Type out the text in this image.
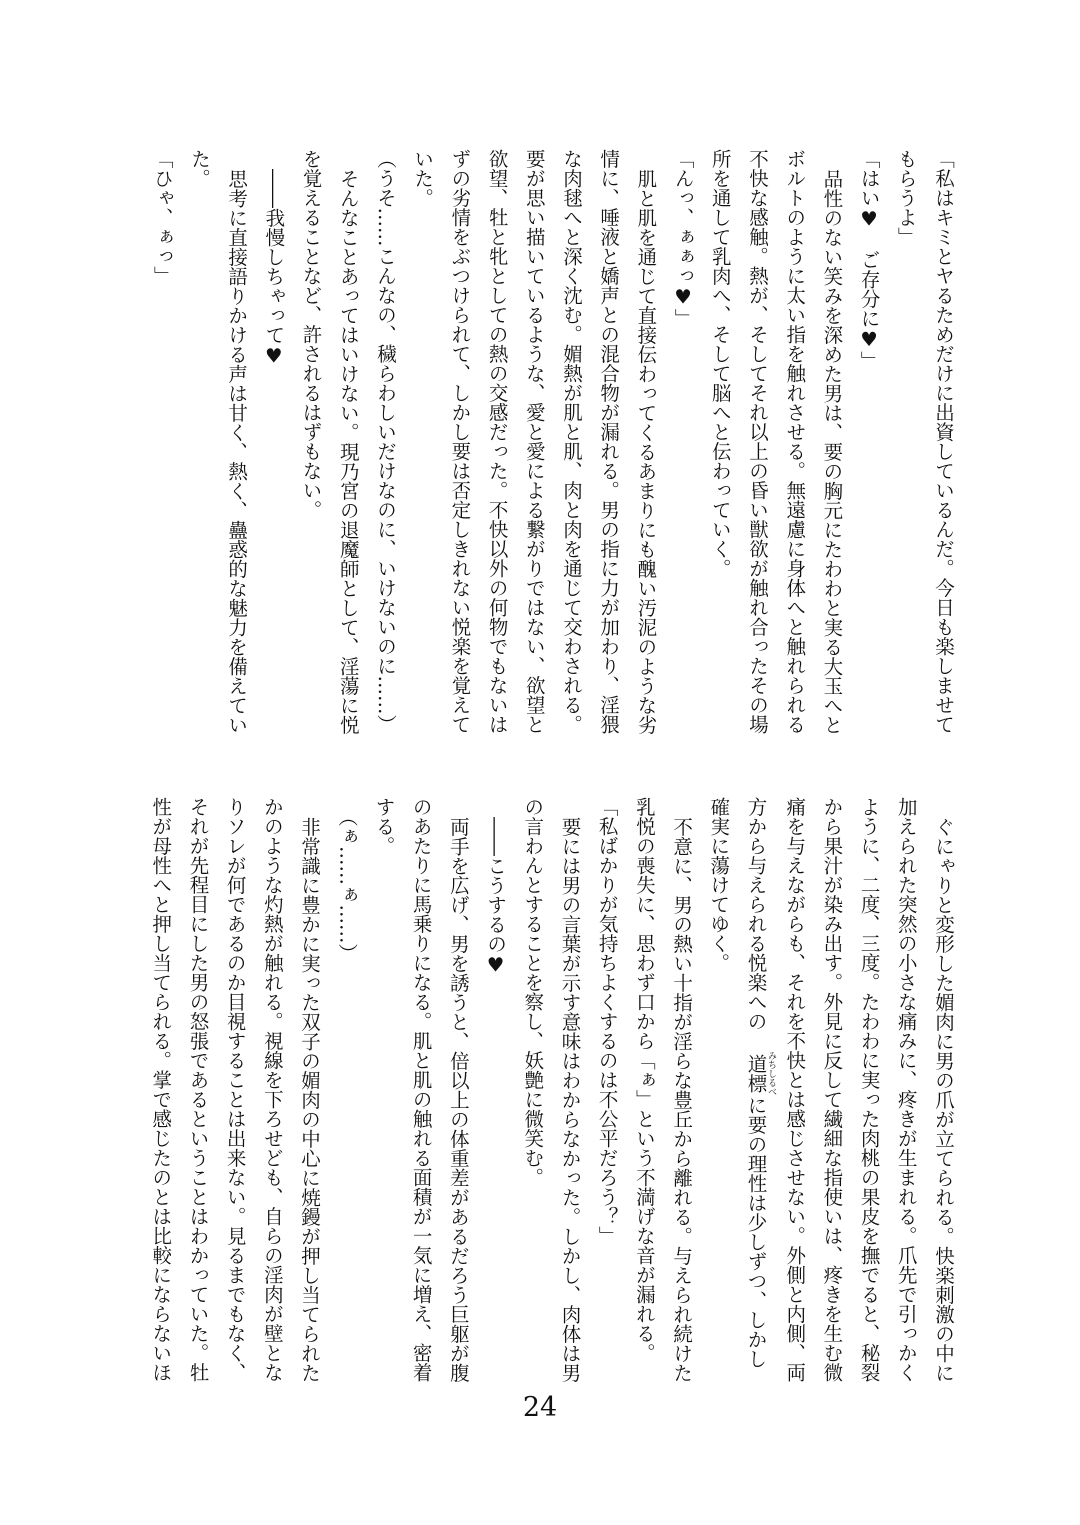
「私はキミとヤるためだけに出資しているんだ。今日も楽しませてもらうよ」

「はい♥　ご存分に♥」

品性のない笑みを深めた男は、要の胸元にたわわと実る大玉へとボルトのように太い指を触れさせる。無遠慮に身体へと触れられる不快な感触。熱が、そしてそれ以上の昏い獣欲が触れ合ったその場所を通して乳肉へ、そして脳へと伝わっていく。

「んっ、ぁぁっ♥」

肌と肌を通じて直接伝わってくるあまりにも醜い汚泥のような劣情に、唾液と嬌声との混合物が漏れる。男の指に力が加わり、淫猥な肉毬へと深く沈む。媚熱が肌と肌、肉と肉を通じて交わされる。要が思い描いているような、愛と愛による繋がりではない、欲望と欲望、牡と牝としての熱の交感だった。不快以外の何物でもないはずの劣情をぶつけられて、しかし要は否定しきれない悦楽を覚えていた。

（うそ……こんなの、穢らわしいだけなのに、いけないのに……）

そんなことあってはいけない。現乃宮の退魔師として、淫蕩に悦を覚えることなど、許されるはずもない。

――我慢しちゃって♥

思考に直接語りかける声は甘く、熱く、蠱惑的な魅力を備えていた。

「ひゃ、ぁっ」

ぐにゃりと変形した媚肉に男の爪が立てられる。快楽刺激の中に加えられた突然の小さな痛みに、疼きが生まれる。爪先で引っかくように、二度、三度。たわわに実った肉桃の果皮を撫でると、秘裂から果汁が染み出す。外見に反して繊細な指使いは、疼きを生む微痛を与えながらも、それを不快とは感じさせない。外側と内側、両方から与えられる悦楽への道標みちしるべに要の理性は少しずつ、しかし確実に蕩けてゆく。

不意に、男の熱い十指が淫らな豊丘から離れる。与えられ続けた乳悦の喪失に、思わず口から「ぁ」という不満げな音が漏れる。

「私ばかりが気持ちよくするのは不公平だろう？」

要には男の言葉が示す意味はわからなかった。しかし、肉体は男の言わんとすることを察し、妖艶に微笑む。

――こうするの♥

両手を広げ、男を誘うと、倍以上の体重差があるだろう巨躯が腹のあたりに馬乗りになる。肌と肌の触れる面積が一気に増え、密着する。

（ぁ……ぁ……）

非常識に豊かに実った双子の媚肉の中心に焼鏝が押し当てられたかのような灼熱が触れる。視線を下ろせども、自らの淫肉が壁となりソレが何であるのか目視することは出来ない。見るまでもなく、それが先程目にした男の怒張であるということはわかっていた。牡性が母性へと押し当てられる。掌で感じたのとは比較にならないほ

24
